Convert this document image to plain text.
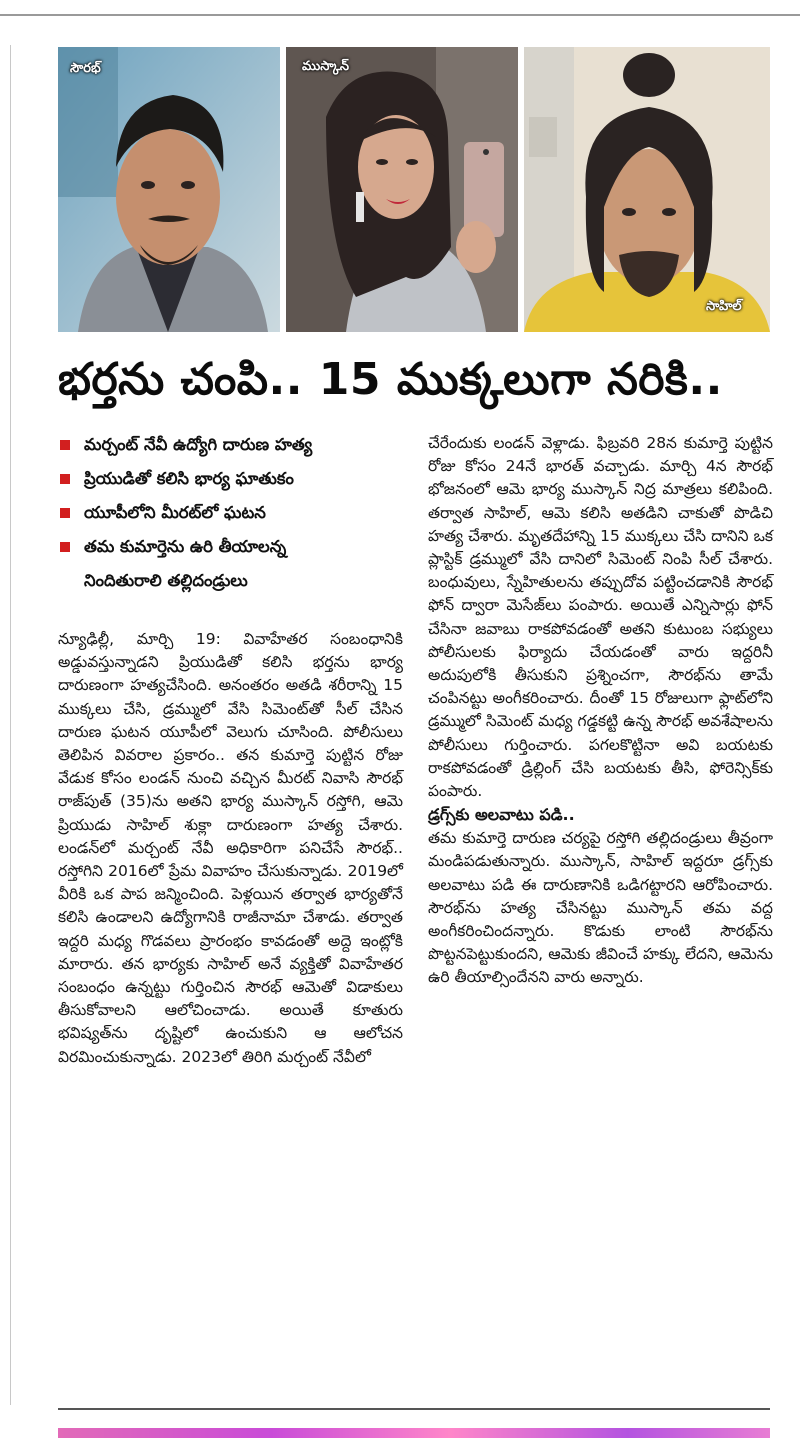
సౌరభ్	ముస్కాన్
సాహిల్
భర్తను చంపి.. 15 ముక్కలుగా నరికి..
మర్చంట్ నేవీ ఉద్యోగి దారుణ హత్య
ప్రియుడితో కలిసి భార్య ఘాతుకం
యూపీలోని మీరట్‌లో ఘటన
తమ కుమార్తెను ఉరి తీయాలన్న
నిందితురాలి తల్లిదండ్రులు

న్యూఢిల్లీ, మార్చి 19: వివాహేతర సంబంధానికి అడ్డువస్తున్నాడని ప్రియుడితో కలిసి భర్తను భార్య దారుణంగా హత్యచేసింది. అనంతరం అతడి శరీరాన్ని 15 ముక్కలు చేసి, డ్రమ్ములో వేసి సిమెంట్‌తో సీల్ చేసిన దారుణ ఘటన యూపీలో వెలుగు చూసింది. పోలీసులు తెలిపిన వివరాల ప్రకారం.. తన కుమార్తె పుట్టిన రోజు వేడుక కోసం లండన్ నుంచి వచ్చిన మీరట్ నివాసి సౌరభ్ రాజ్‌పుత్ (35)ను అతని భార్య ముస్కాన్ రస్తోగి, ఆమె ప్రియుడు సాహిల్ శుక్లా దారుణంగా హత్య చేశారు. లండన్‌లో మర్చంట్ నేవీ అధికారిగా పనిచేసే సౌరభ్.. రస్తోగిని 2016లో ప్రేమ వివాహం చేసుకున్నాడు. 2019లో వీరికి ఒక పాప జన్మించింది. పెళ్లయిన తర్వాత భార్యతోనే కలిసి ఉండాలని ఉద్యోగానికి రాజీనామా చేశాడు. తర్వాత ఇద్దరి మధ్య గొడవలు ప్రారంభం కావడంతో అద్దె ఇంట్లోకి మారారు. తన భార్యకు సాహిల్ అనే వ్యక్తితో వివాహేతర సంబంధం ఉన్నట్టు గుర్తించిన సౌరభ్ ఆమెతో విడాకులు తీసుకోవాలని ఆలోచించాడు. అయితే కూతురు భవిష్యత్‌ను దృష్టిలో ఉంచుకుని ఆ ఆలోచన విరమించుకున్నాడు. 2023లో తిరిగి మర్చంట్ నేవీలో

చేరేందుకు లండన్ వెళ్లాడు. ఫిబ్రవరి 28న కుమార్తె పుట్టిన రోజు కోసం 24నే భారత్ వచ్చాడు. మార్చి 4న సౌరభ్ భోజనంలో ఆమె భార్య ముస్కాన్ నిద్ర మాత్రలు కలిపింది. తర్వాత సాహిల్, ఆమె కలిసి అతడిని చాకుతో పొడిచి హత్య చేశారు. మృతదేహాన్ని 15 ముక్కలు చేసి దానిని ఒక ప్లాస్టిక్ డ్రమ్ములో వేసి దానిలో సిమెంట్ నింపి సీల్ చేశారు. బంధువులు, స్నేహితులను తప్పుదోవ పట్టించడానికి సౌరభ్ ఫోన్ ద్వారా మెసేజ్‌లు పంపారు. అయితే ఎన్నిసార్లు ఫోన్ చేసినా జవాబు రాకపోవడంతో అతని కుటుంబ సభ్యులు పోలీసులకు ఫిర్యాదు చేయడంతో వారు ఇద్దరినీ అదుపులోకి తీసుకుని ప్రశ్నించగా, సౌరభ్‌ను తామే చంపినట్టు అంగీకరించారు. దీంతో 15 రోజులుగా ఫ్లాట్‌లోని డ్రమ్ములో సిమెంట్ మధ్య గడ్డకట్టి ఉన్న సౌరభ్ అవశేషాలను పోలీసులు గుర్తించారు. పగలకొట్టినా అవి బయటకు రాకపోవడంతో డ్రిల్లింగ్ చేసి బయటకు తీసి, ఫోరెన్సిక్‌కు పంపారు.

డ్రగ్స్‌కు అలవాటు పడి..

తమ కుమార్తె దారుణ చర్యపై రస్తోగి తల్లిదండ్రులు తీవ్రంగా మండిపడుతున్నారు. ముస్కాన్, సాహిల్ ఇద్దరూ డ్రగ్స్‌కు అలవాటు పడి ఈ దారుణానికి ఒడిగట్టారని ఆరోపించారు. సౌరభ్‌ను హత్య చేసినట్టు ముస్కాన్ తమ వద్ద అంగీకరించిందన్నారు. కొడుకు లాంటి సౌరభ్‌ను పొట్టనపెట్టుకుందని, ఆమెకు జీవించే హక్కు లేదని, ఆమెను ఉరి తీయాల్సిందేనని వారు అన్నారు.
